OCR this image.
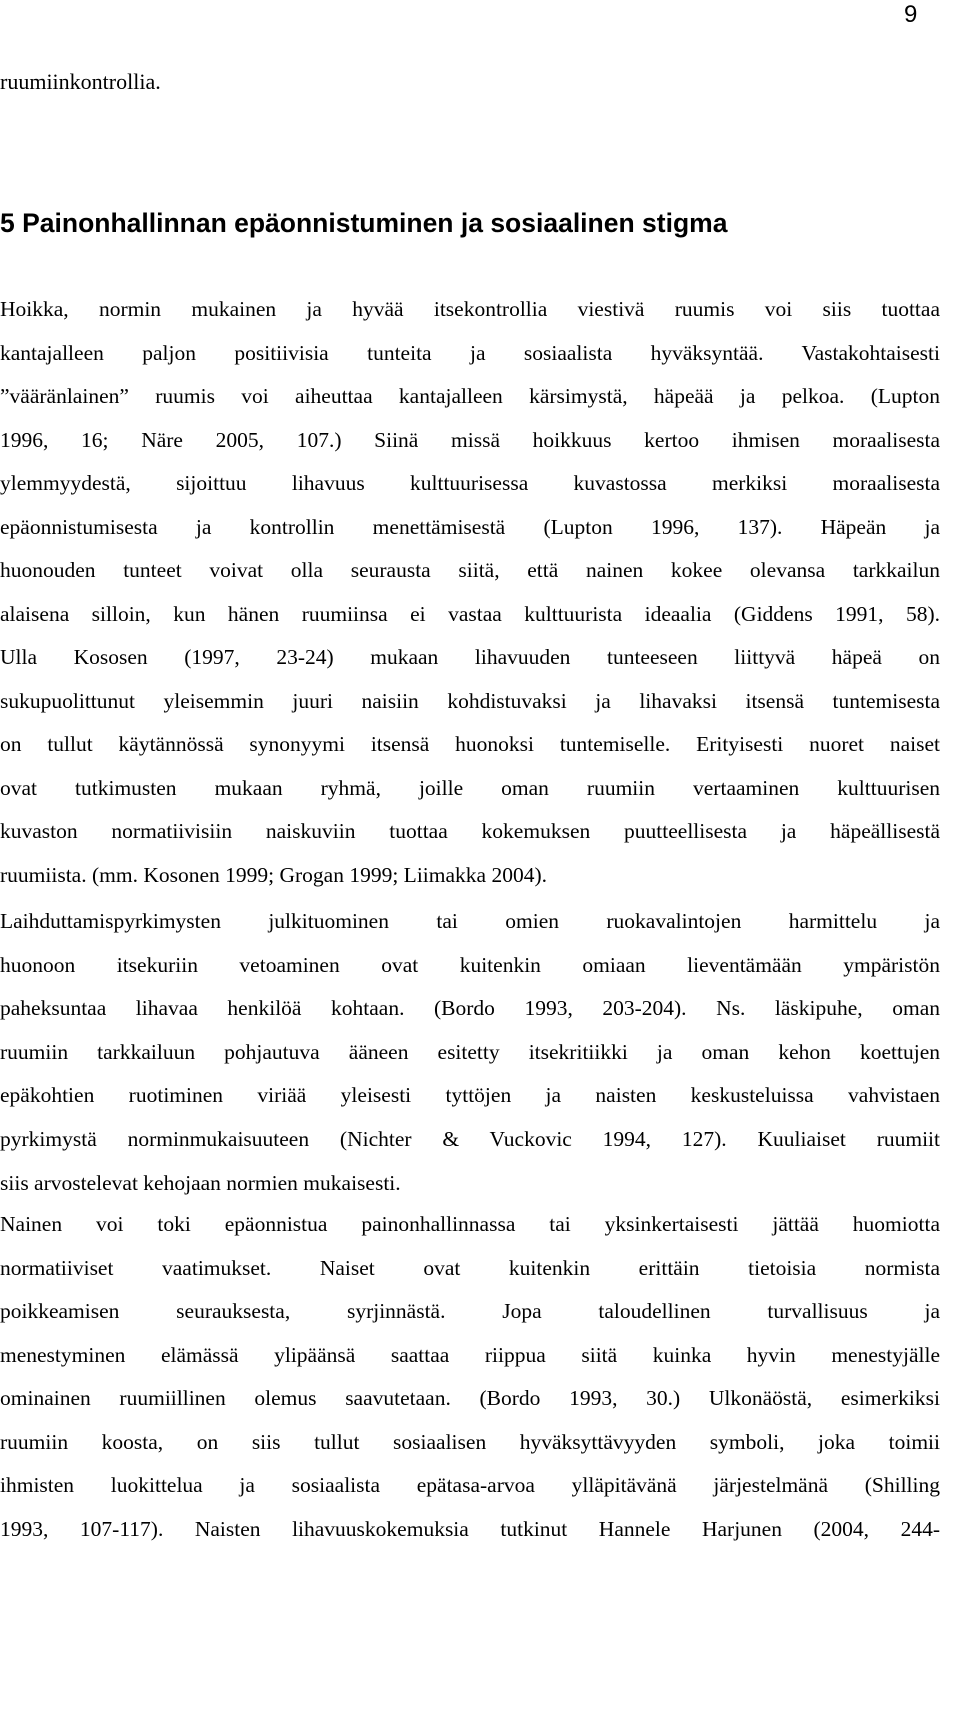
9
ruumiinkontrollia.
5 Painonhallinnan epäonnistuminen ja sosiaalinen stigma
Hoikka, normin mukainen ja hyvää itsekontrollia viestivä ruumis voi siis tuottaa
kantajalleen paljon positiivisia tunteita ja sosiaalista hyväksyntää. Vastakohtaisesti
”vääränlainen” ruumis voi aiheuttaa kantajalleen kärsimystä, häpeää ja pelkoa. (Lupton
1996, 16; Näre 2005, 107.) Siinä missä hoikkuus kertoo ihmisen moraalisesta
ylemmyydestä, sijoittuu lihavuus kulttuurisessa kuvastossa merkiksi moraalisesta
epäonnistumisesta ja kontrollin menettämisestä (Lupton 1996, 137). Häpeän ja
huonouden tunteet voivat olla seurausta siitä, että nainen kokee olevansa tarkkailun
alaisena silloin, kun hänen ruumiinsa ei vastaa kulttuurista ideaalia (Giddens 1991, 58).
Ulla Kososen (1997, 23-24) mukaan lihavuuden tunteeseen liittyvä häpeä on
sukupuolittunut yleisemmin juuri naisiin kohdistuvaksi ja lihavaksi itsensä tuntemisesta
on tullut käytännössä synonyymi itsensä huonoksi tuntemiselle. Erityisesti nuoret naiset
ovat tutkimusten mukaan ryhmä, joille oman ruumiin vertaaminen kulttuurisen
kuvaston normatiivisiin naiskuviin tuottaa kokemuksen puutteellisesta ja häpeällisestä
ruumiista. (mm. Kosonen 1999; Grogan 1999; Liimakka 2004).
Laihduttamispyrkimysten julkituominen tai omien ruokavalintojen harmittelu ja
huonoon itsekuriin vetoaminen ovat kuitenkin omiaan lieventämään ympäristön
paheksuntaa lihavaa henkilöä kohtaan. (Bordo 1993, 203-204). Ns. läskipuhe, oman
ruumiin tarkkailuun pohjautuva ääneen esitetty itsekritiikki ja oman kehon koettujen
epäkohtien ruotiminen viriää yleisesti tyttöjen ja naisten keskusteluissa vahvistaen
pyrkimystä norminmukaisuuteen (Nichter & Vuckovic 1994, 127). Kuuliaiset ruumiit
siis arvostelevat kehojaan normien mukaisesti.
Nainen voi toki epäonnistua painonhallinnassa tai yksinkertaisesti jättää huomiotta
normatiiviset vaatimukset. Naiset ovat kuitenkin erittäin tietoisia normista
poikkeamisen seurauksesta, syrjinnästä. Jopa taloudellinen turvallisuus ja
menestyminen elämässä ylipäänsä saattaa riippua siitä kuinka hyvin menestyjälle
ominainen ruumiillinen olemus saavutetaan. (Bordo 1993, 30.) Ulkonäöstä, esimerkiksi
ruumiin koosta, on siis tullut sosiaalisen hyväksyttävyyden symboli, joka toimii
ihmisten luokittelua ja sosiaalista epätasa-arvoa ylläpitävänä järjestelmänä (Shilling
1993, 107-117). Naisten lihavuuskokemuksia tutkinut Hannele Harjunen (2004, 244-
